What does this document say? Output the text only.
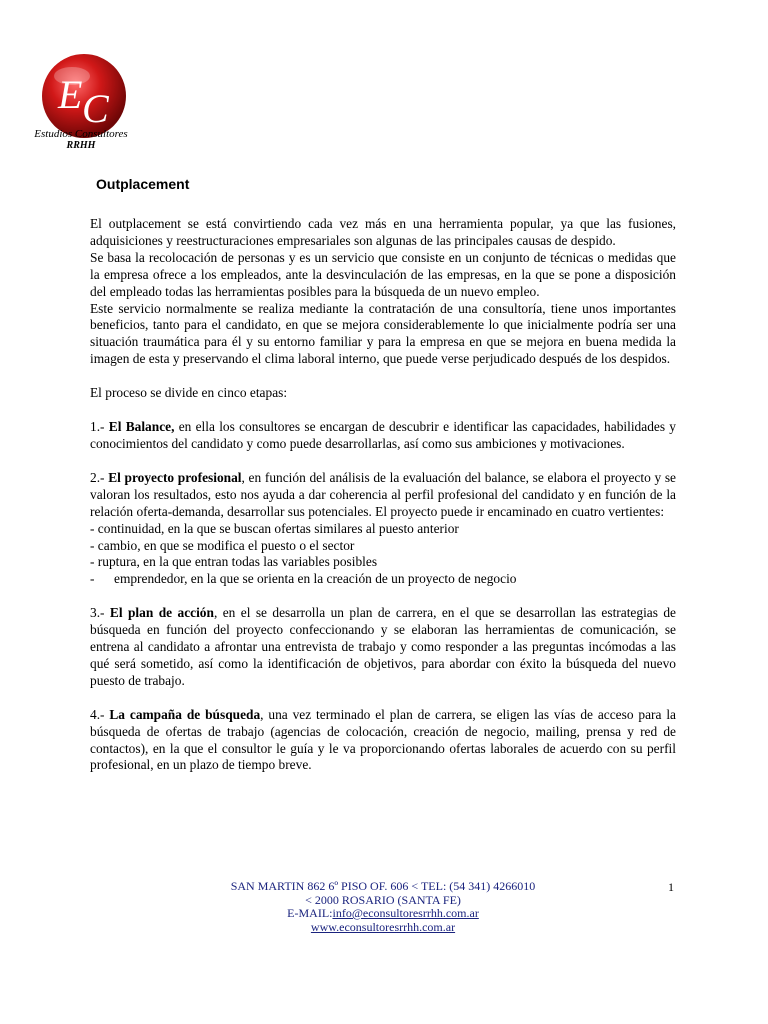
E C
Estudios Consultores
RRHH
Outplacement

El outplacement se está convirtiendo cada vez más en una herramienta popular, ya que las fusiones, adquisiciones y reestructuraciones empresariales son algunas de las principales causas de despido.

Se basa la recolocación de personas y es un servicio que consiste en un conjunto de técnicas o medidas que la empresa ofrece a los empleados, ante la desvinculación de las empresas, en la que se pone a disposición del empleado todas las herramientas posibles para la búsqueda de un nuevo empleo.

Este servicio normalmente se realiza mediante la contratación de una consultoría, tiene unos importantes beneficios, tanto para el candidato, en que se mejora considerablemente lo que inicialmente podría ser una situación traumática para él y su entorno familiar y para la empresa en que se mejora en buena medida la imagen de esta y preservando el clima laboral interno, que puede verse perjudicado después de los despidos.

El proceso se divide en cinco etapas:

1.- El Balance, en ella los consultores se encargan de descubrir e identificar las capacidades, habilidades y conocimientos del candidato y como puede desarrollarlas, así como sus ambiciones y motivaciones.

2.- El proyecto profesional, en función del análisis de la evaluación del balance, se elabora el proyecto y se valoran los resultados, esto nos ayuda a dar coherencia al perfil profesional del candidato y en función de la relación oferta-demanda, desarrollar sus potenciales. El proyecto puede ir encaminado en cuatro vertientes:

- continuidad, en la que se buscan ofertas similares al puesto anterior

- cambio, en que se modifica el puesto o el sector

- ruptura, en la que entran todas las variables posibles

- emprendedor, en la que se orienta en la creación de un proyecto de negocio

3.- El plan de acción, en el se desarrolla un plan de carrera, en el que se desarrollan las estrategias de búsqueda en función del proyecto confeccionando y se elaboran las herramientas de comunicación, se entrena al candidato a afrontar una entrevista de trabajo y como responder a las preguntas incómodas a las qué será sometido, así como la identificación de objetivos, para abordar con éxito la búsqueda del nuevo puesto de trabajo.

4.- La campaña de búsqueda, una vez terminado el plan de carrera, se eligen las vías de acceso para la búsqueda de ofertas de trabajo (agencias de colocación, creación de negocio, mailing, prensa y red de contactos), en la que el consultor le guía y le va proporcionando ofertas laborales de acuerdo con su perfil profesional, en un plazo de tiempo breve.

SAN MARTIN 862 6º PISO OF. 606 < TEL: (54 341) 4266010
< 2000 ROSARIO (SANTA FE)
E-MAIL:info@econsultoresrrhh.com.ar
www.econsultoresrrhh.com.ar
1
